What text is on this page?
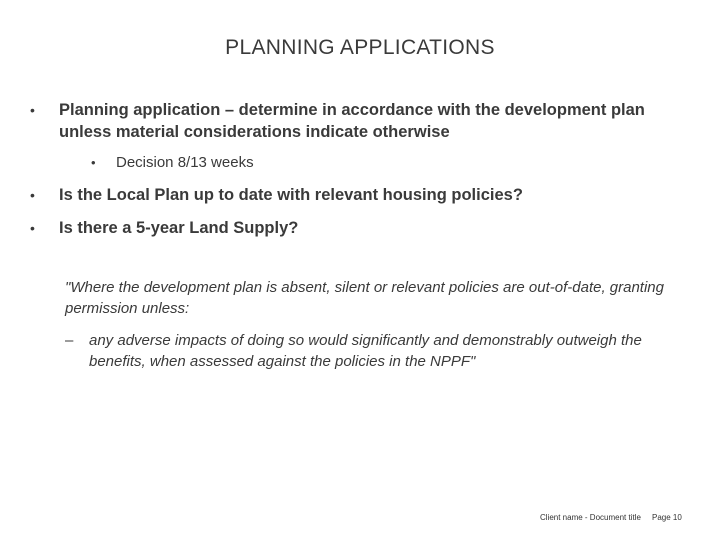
PLANNING APPLICATIONS
• Planning application – determine in accordance with the development plan unless material considerations indicate otherwise
• Decision 8/13 weeks
• Is the Local Plan up to date with relevant housing policies?
• Is there a 5-year Land Supply?
"Where the development plan is absent, silent or relevant policies are out-of-date, granting permission unless:
– any adverse impacts of doing so would significantly and demonstrably outweigh the benefits, when assessed against the policies in the NPPF"
Client name - Document title Page 10
